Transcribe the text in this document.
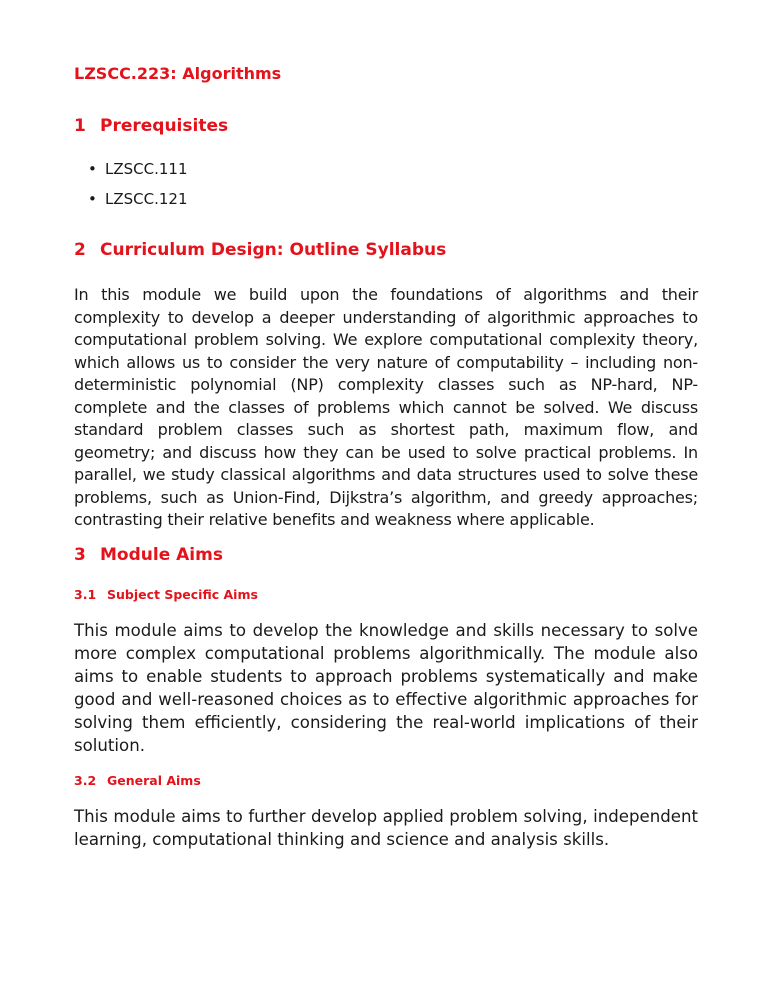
LZSCC.223: Algorithms
1 Prerequisites
• LZSCC.111
• LZSCC.121
2 Curriculum Design: Outline Syllabus

In this module we build upon the foundations of algorithms and their complexity to develop a deeper understanding of algorithmic approaches to computational problem solving. We explore computational complexity theory, which allows us to consider the very nature of computability – including non-deterministic polynomial (NP) complexity classes such as NP-hard, NP-complete and the classes of problems which cannot be solved. We discuss standard problem classes such as shortest path, maximum flow, and geometry; and discuss how they can be used to solve practical problems. In parallel, we study classical algorithms and data structures used to solve these problems, such as Union-Find, Dijkstra’s algorithm, and greedy approaches; contrasting their relative benefits and weakness where applicable.

3 Module Aims
3.1 Subject Specific Aims

This module aims to develop the knowledge and skills necessary to solve more complex computational problems algorithmically. The module also aims to enable students to approach problems systematically and make good and well-reasoned choices as to effective algorithmic approaches for solving them efficiently, considering the real-world implications of their solution.

3.2 General Aims

This module aims to further develop applied problem solving, independent learning, computational thinking and science and analysis skills.
